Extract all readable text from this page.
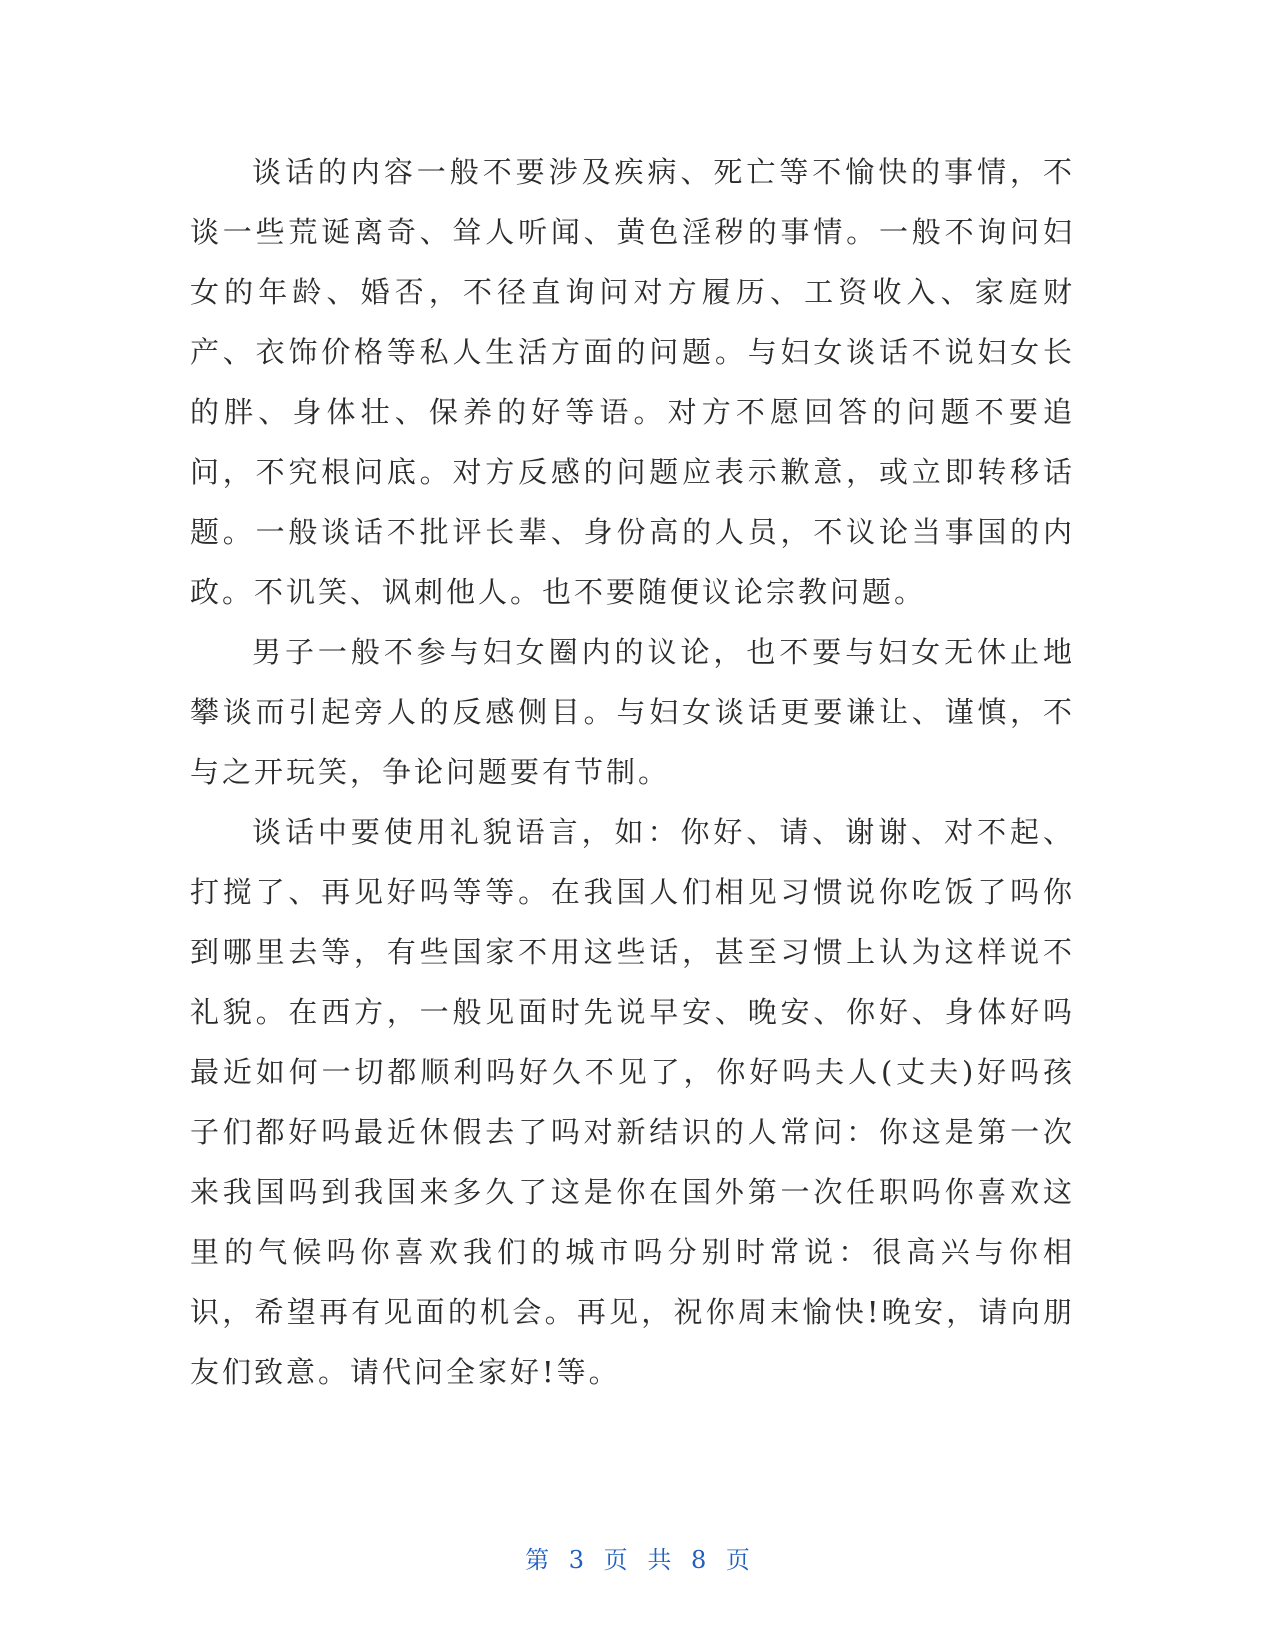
谈话的内容一般不要涉及疾病、死亡等不愉快的事情，不谈一些荒诞离奇、耸人听闻、黄色淫秽的事情。一般不询问妇女的年龄、婚否，不径直询问对方履历、工资收入、家庭财产、衣饰价格等私人生活方面的问题。与妇女谈话不说妇女长的胖、身体壮、保养的好等语。对方不愿回答的问题不要追问，不究根问底。对方反感的问题应表示歉意，或立即转移话题。一般谈话不批评长辈、身份高的人员，不议论当事国的内政。不讥笑、讽刺他人。也不要随便议论宗教问题。

男子一般不参与妇女圈内的议论，也不要与妇女无休止地攀谈而引起旁人的反感侧目。与妇女谈话更要谦让、谨慎，不与之开玩笑，争论问题要有节制。

谈话中要使用礼貌语言，如：你好、请、谢谢、对不起、打搅了、再见好吗等等。在我国人们相见习惯说你吃饭了吗你到哪里去等，有些国家不用这些话，甚至习惯上认为这样说不礼貌。在西方，一般见面时先说早安、晚安、你好、身体好吗最近如何一切都顺利吗好久不见了，你好吗夫人(丈夫)好吗孩子们都好吗最近休假去了吗对新结识的人常问：你这是第一次来我国吗到我国来多久了这是你在国外第一次任职吗你喜欢这里的气候吗你喜欢我们的城市吗分别时常说：很高兴与你相识，希望再有见面的机会。再见，祝你周末愉快!晚安，请向朋友们致意。请代问全家好!等。

第 3 页 共 8 页
